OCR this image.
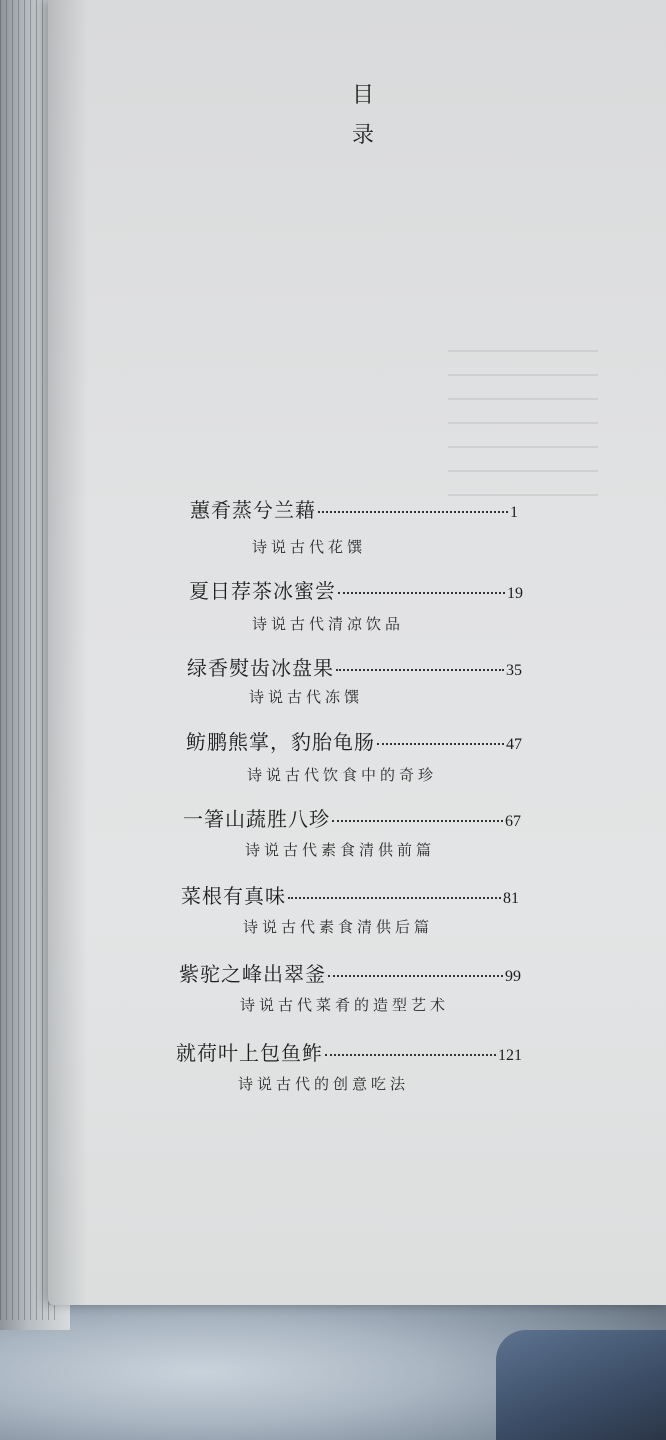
目
录
蕙肴蒸兮兰藉	1
诗说古代花馔
夏日荐茶冰蜜尝	19
诗说古代清凉饮品
绿香熨齿冰盘果	35
诗说古代冻馔
鲂鹏熊掌，豹胎龟肠	47
诗说古代饮食中的奇珍
一箸山蔬胜八珍	67
诗说古代素食清供前篇
菜根有真味	81
诗说古代素食清供后篇
紫驼之峰出翠釜	99
诗说古代菜肴的造型艺术
就荷叶上包鱼鲊	121
诗说古代的创意吃法
